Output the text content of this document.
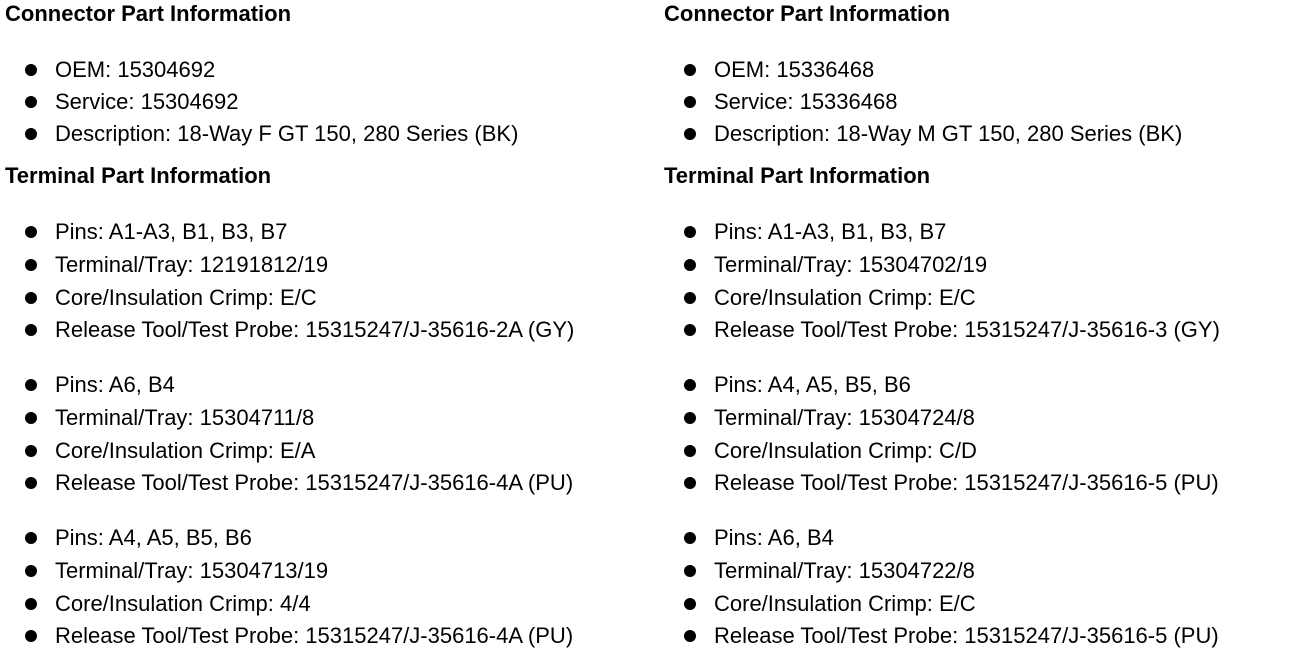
Connector Part Information
OEM: 15304692
Service: 15304692
Description: 18-Way F GT 150, 280 Series (BK)
Terminal Part Information
Pins: A1-A3, B1, B3, B7
Terminal/Tray: 12191812/19
Core/Insulation Crimp: E/C
Release Tool/Test Probe: 15315247/J-35616-2A (GY)
Pins: A6, B4
Terminal/Tray: 15304711/8
Core/Insulation Crimp: E/A
Release Tool/Test Probe: 15315247/J-35616-4A (PU)
Pins: A4, A5, B5, B6
Terminal/Tray: 15304713/19
Core/Insulation Crimp: 4/4
Release Tool/Test Probe: 15315247/J-35616-4A (PU)
Connector Part Information
OEM: 15336468
Service: 15336468
Description: 18-Way M GT 150, 280 Series (BK)
Terminal Part Information
Pins: A1-A3, B1, B3, B7
Terminal/Tray: 15304702/19
Core/Insulation Crimp: E/C
Release Tool/Test Probe: 15315247/J-35616-3 (GY)
Pins: A4, A5, B5, B6
Terminal/Tray: 15304724/8
Core/Insulation Crimp: C/D
Release Tool/Test Probe: 15315247/J-35616-5 (PU)
Pins: A6, B4
Terminal/Tray: 15304722/8
Core/Insulation Crimp: E/C
Release Tool/Test Probe: 15315247/J-35616-5 (PU)
